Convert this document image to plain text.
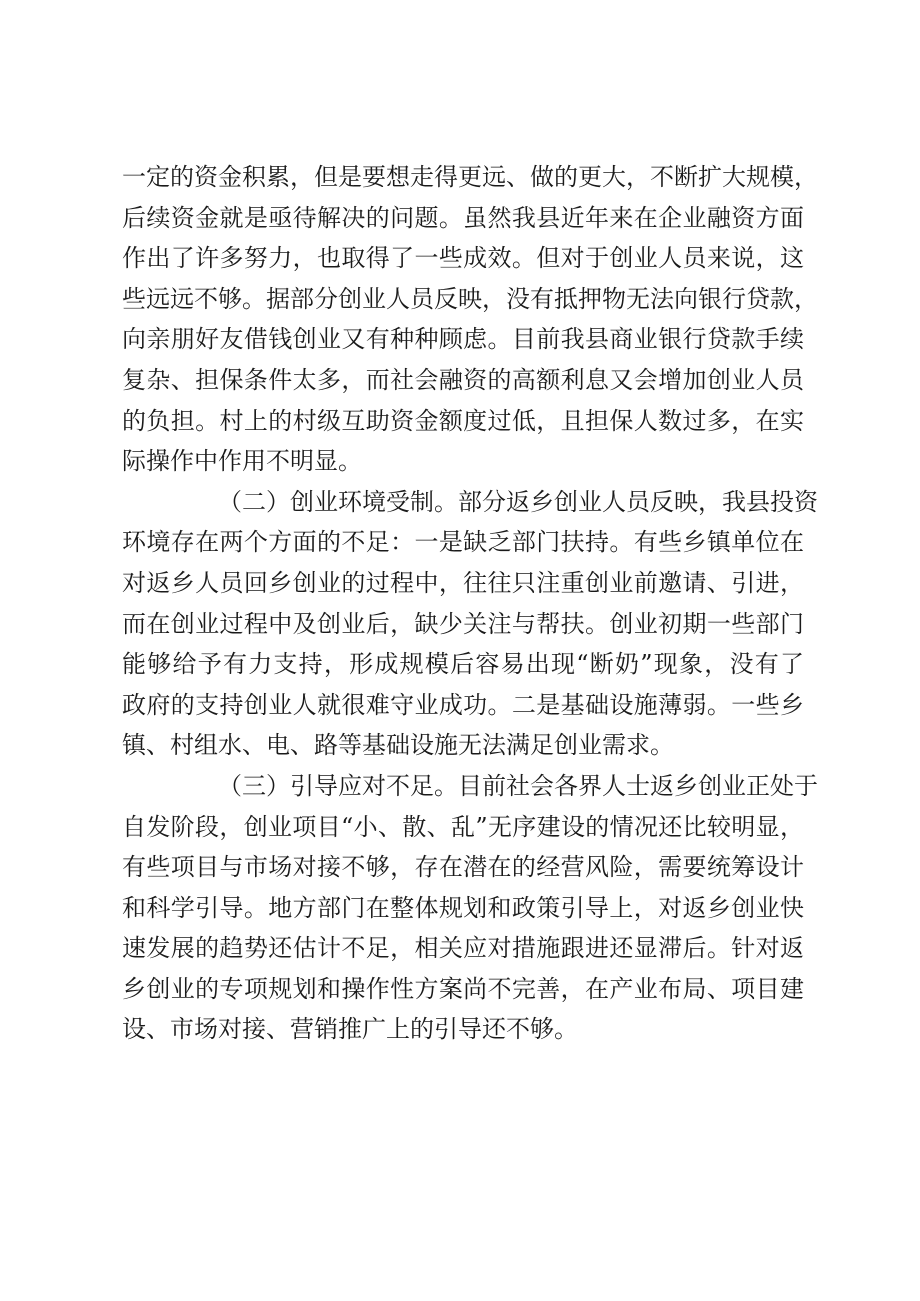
一定的资金积累，但是要想走得更远、做的更大，不断扩大规模，
后续资金就是亟待解决的问题。虽然我县近年来在企业融资方面
作出了许多努力，也取得了一些成效。但对于创业人员来说，这
些远远不够。据部分创业人员反映，没有抵押物无法向银行贷款，
向亲朋好友借钱创业又有种种顾虑。目前我县商业银行贷款手续
复杂、担保条件太多，而社会融资的高额利息又会增加创业人员
的负担。村上的村级互助资金额度过低，且担保人数过多，在实
际操作中作用不明显。
（二）创业环境受制。部分返乡创业人员反映，我县投资
环境存在两个方面的不足：一是缺乏部门扶持。有些乡镇单位在
对返乡人员回乡创业的过程中，往往只注重创业前邀请、引进，
而在创业过程中及创业后，缺少关注与帮扶。创业初期一些部门
能够给予有力支持，形成规模后容易出现“断奶”现象，没有了
政府的支持创业人就很难守业成功。二是基础设施薄弱。一些乡
镇、村组水、电、路等基础设施无法满足创业需求。
（三）引导应对不足。目前社会各界人士返乡创业正处于
自发阶段，创业项目“小、散、乱”无序建设的情况还比较明显，
有些项目与市场对接不够，存在潜在的经营风险，需要统筹设计
和科学引导。地方部门在整体规划和政策引导上，对返乡创业快
速发展的趋势还估计不足，相关应对措施跟进还显滞后。针对返
乡创业的专项规划和操作性方案尚不完善，在产业布局、项目建
设、市场对接、营销推广上的引导还不够。
